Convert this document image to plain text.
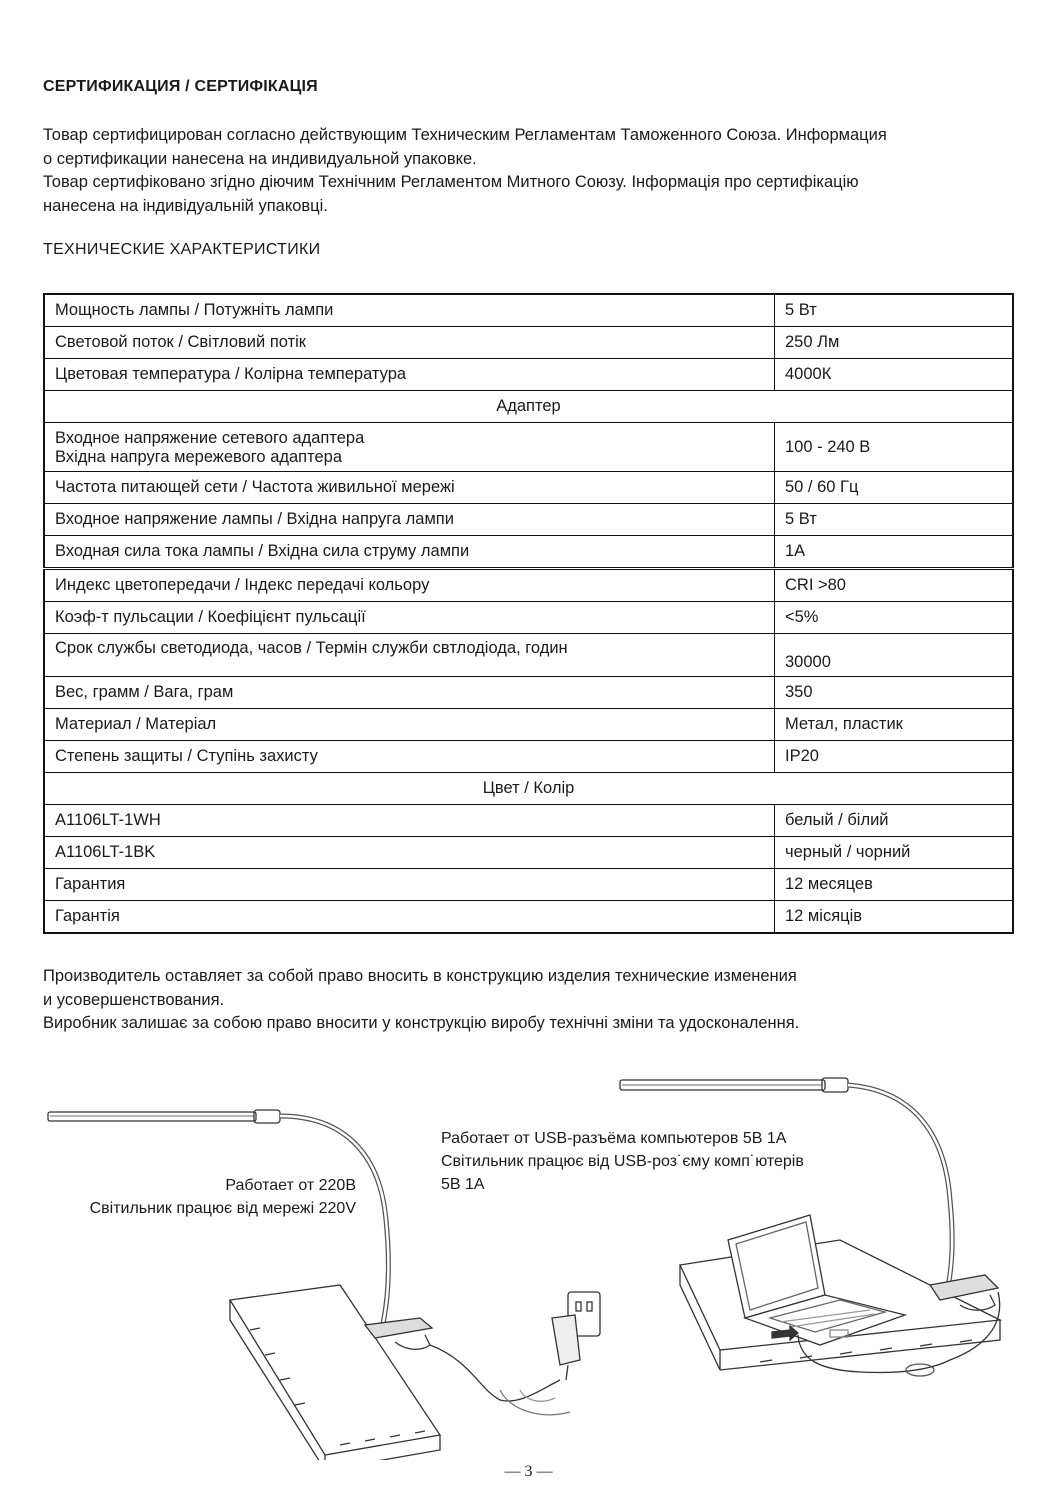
СЕРТИФИКАЦИЯ / СЕРТИФІКАЦІЯ
Товар сертифицирован согласно действующим Техническим Регламентам Таможенного Союза. Информация
о сертификации нанесена на индивидуальной упаковке.
Товар сертифіковано згідно діючим Технічним Регламентом Митного Союзу. Інформація про сертифікацію
нанесена на індивідуальній упаковці.
ТЕХНИЧЕСКИЕ ХАРАКТЕРИСТИКИ
Мощность лампы / Потужніть лампи	5 Вт
Световой поток / Світловий потік	250 Лм
Цветовая температура / Колірна температура	4000К
Адаптер	

Входное напряжение сетевого адаптера
Вхідна напруга мережевого адаптера	100 - 240 В
Частота питающей сети / Частота живильної мережі	50 / 60 Гц
Входное напряжение лампы / Вхідна напруга лампи	5 Вт
Входная сила тока лампы / Вхідна сила струму лампи	1A
Индекс цветопередачи / Індекс передачі кольору	CRI >80
Коэф-т пульсации / Коефіцієнт пульсації	<5%
Срок службы светодиода, часов / Термін служби свтлодіода, годин	30000
Вес, грамм / Вага, грам	350
Материал / Матеріал	Метал, пластик
Степень защиты / Ступінь захисту	IP20
Цвет / Колір	
A1106LT-1WH	белый / білий
A1106LT-1BK	черный / чорний
Гарантия	12 месяцев
Гарантія	12 місяців
Производитель оставляет за собой право вносить в конструкцию изделия технические изменения
и усовершенствования.
Виробник залишає за собою право вносити у конструкцію виробу технічні зміни та удосконалення.
Работает от 220В
Світильник працює від мережі 220V
Работает от USB-разъёма компьютеров 5В 1А
Світильник працює від USB-роз˙єму комп˙ютерів
5В 1А
— 3 —
